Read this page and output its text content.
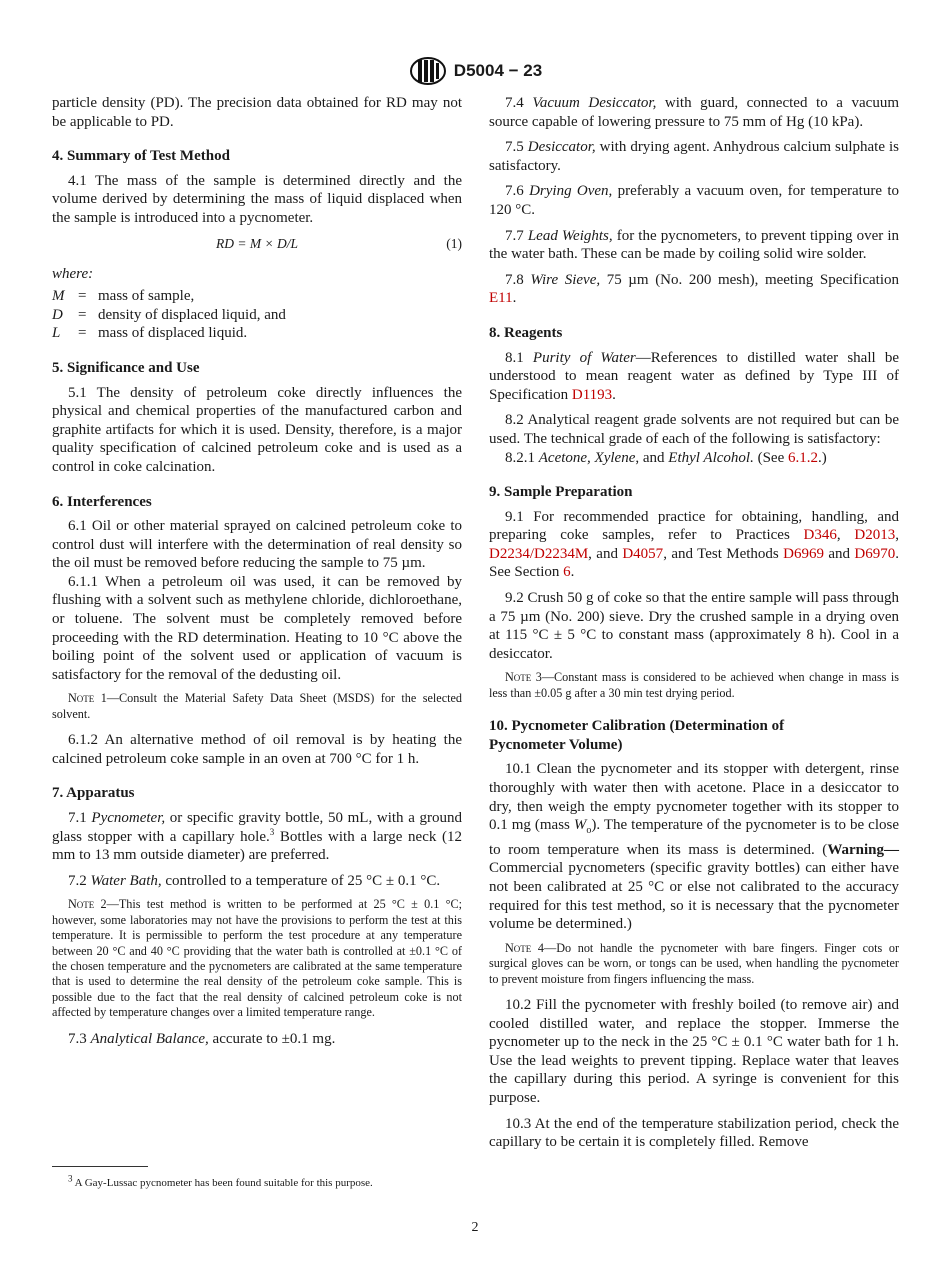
D5004 − 23

particle density (PD). The precision data obtained for RD may not be applicable to PD.

4. Summary of Test Method

4.1 The mass of the sample is determined directly and the volume derived by determining the mass of liquid displaced when the sample is introduced into a pycnometer.

RD = M × D/L	(1)

where:

M = mass of sample,
D	= density of displaced liquid, and
L	= mass of displaced liquid.
5. Significance and Use

5.1 The density of petroleum coke directly influences the physical and chemical properties of the manufactured carbon and graphite artifacts for which it is used. Density, therefore, is a major quality specification of calcined petroleum coke and is used as a control in coke calcination.

6. Interferences

6.1 Oil or other material sprayed on calcined petroleum coke to control dust will interfere with the determination of real density so the oil must be removed before reducing the sample to 75 µm.

6.1.1 When a petroleum oil was used, it can be removed by flushing with a solvent such as methylene chloride, dichloroethane, or toluene. The solvent must be completely removed before proceeding with the RD determination. Heating to 10 °C above the boiling point of the solvent used or application of vacuum is satisfactory for the removal of the dedusting oil.

Note 1—Consult the Material Safety Data Sheet (MSDS) for the selected solvent.

6.1.2 An alternative method of oil removal is by heating the calcined petroleum coke sample in an oven at 700 °C for 1 h.

7. Apparatus

7.1 Pycnometer, or specific gravity bottle, 50 mL, with a ground glass stopper with a capillary hole.$^3$ Bottles with a large neck (12 mm to 13 mm outside diameter) are preferred.

7.2 Water Bath, controlled to a temperature of 25 °C ± 0.1 °C.

Note 2—This test method is written to be performed at 25 °C ± 0.1 °C; however, some laboratories may not have the provisions to perform the test at this temperature. It is permissible to perform the test procedure at any temperature between 20 °C and 40 °C providing that the water bath is controlled at ±0.1 °C of the chosen temperature and the pycnometers are calibrated at the same temperature that is used to determine the real density of the petroleum coke sample. This is possible due to the fact that the real density of calcined petroleum coke is not affected by temperature changes over a limited temperature range.

7.3 Analytical Balance, accurate to ±0.1 mg.

$^3$ A Gay-Lussac pycnometer has been found suitable for this purpose.

7.4 Vacuum Desiccator, with guard, connected to a vacuum source capable of lowering pressure to 75 mm of Hg (10 kPa).

7.5 Desiccator, with drying agent. Anhydrous calcium sulphate is satisfactory.

7.6 Drying Oven, preferably a vacuum oven, for temperature to 120 °C.

7.7 Lead Weights, for the pycnometers, to prevent tipping over in the water bath. These can be made by coiling solid wire solder.

7.8 Wire Sieve, 75 µm (No. 200 mesh), meeting Specification E11.

8. Reagents

8.1 Purity of Water—References to distilled water shall be understood to mean reagent water as defined by Type III of Specification D1193.

8.2 Analytical reagent grade solvents are not required but can be used. The technical grade of each of the following is satisfactory:

8.2.1 Acetone, Xylene, and Ethyl Alcohol. (See 6.1.2.)

9. Sample Preparation

9.1 For recommended practice for obtaining, handling, and preparing coke samples, refer to Practices D346, D2013, D2234/D2234M, and D4057, and Test Methods D6969 and D6970. See Section 6.

9.2 Crush 50 g of coke so that the entire sample will pass through a 75 µm (No. 200) sieve. Dry the crushed sample in a drying oven at 115 °C ± 5 °C to constant mass (approximately 8 h). Cool in a desiccator.

Note 3—Constant mass is considered to be achieved when change in mass is less than ±0.05 g after a 30 min test drying period.

10. Pycnometer Calibration (Determination of
Pycnometer Volume)

10.1 Clean the pycnometer and its stopper with detergent, rinse thoroughly with water then with acetone. Place in a desiccator to dry, then weigh the empty pycnometer together with its stopper to 0.1 mg (mass $W_o$). The temperature of the pycnometer is to be close to room temperature when its mass is determined. (Warning—Commercial pycnometers (specific gravity bottles) can either have not been calibrated at 25 °C or else not calibrated to the accuracy required for this test method, so it is necessary that the pycnometer volume be determined.)

Note 4—Do not handle the pycnometer with bare fingers. Finger cots or surgical gloves can be worn, or tongs can be used, when handling the pycnometer to prevent moisture from fingers influencing the mass.

10.2 Fill the pycnometer with freshly boiled (to remove air) and cooled distilled water, and replace the stopper. Immerse the pycnometer up to the neck in the 25 °C ± 0.1 °C water bath for 1 h. Use the lead weights to prevent tipping. Replace water that leaves the capillary during this period. A syringe is convenient for this purpose.

10.3 At the end of the temperature stabilization period, check the capillary to be certain it is completely filled. Remove

2
